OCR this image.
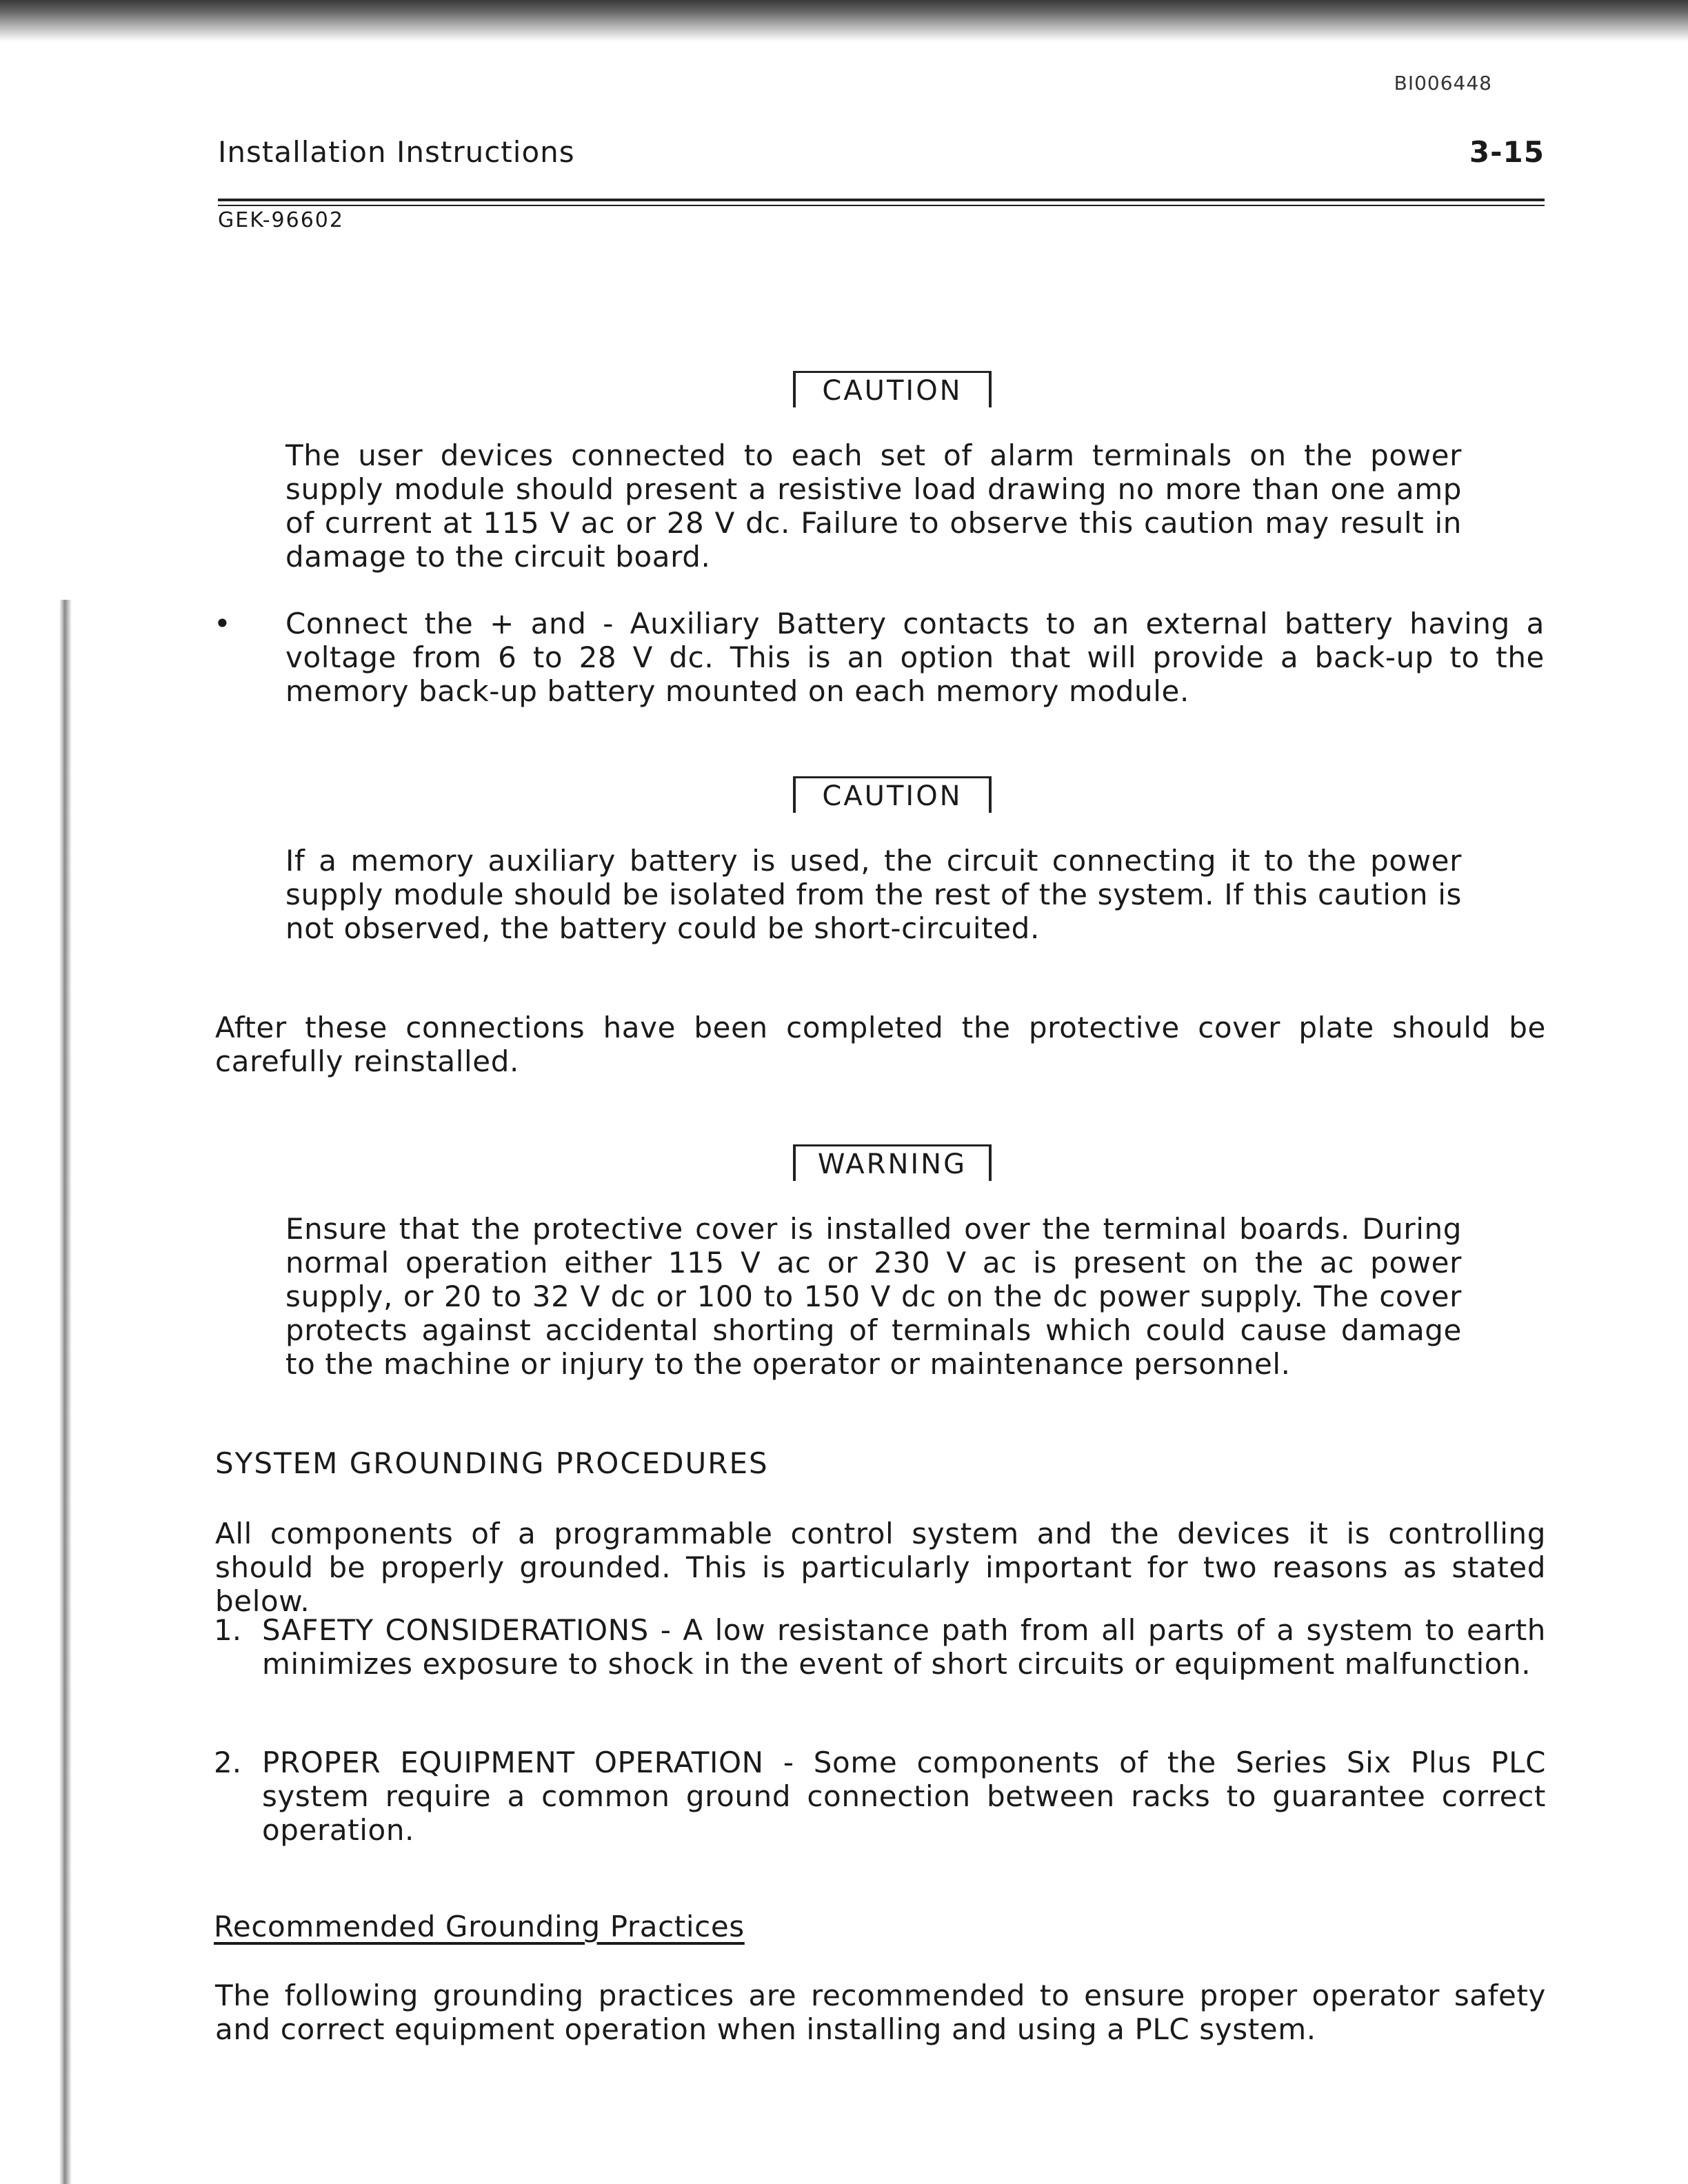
BI006448
Installation Instructions	3-15
GEK-96602
CAUTION
The user devices connected to each set of alarm terminals on the power supply module should present a resistive load drawing no more than one amp of current at 115 V ac or 28 V dc. Failure to observe this caution may result in damage to the circuit board.
• Connect the + and - Auxiliary Battery contacts to an external battery having a voltage from 6 to 28 V dc. This is an option that will provide a back-up to the memory back-up battery mounted on each memory module.
CAUTION
If a memory auxiliary battery is used, the circuit connecting it to the power supply module should be isolated from the rest of the system. If this caution is not observed, the battery could be short-circuited.
After these connections have been completed the protective cover plate should be carefully reinstalled.
WARNING
Ensure that the protective cover is installed over the terminal boards. During normal operation either 115 V ac or 230 V ac is present on the ac power supply, or 20 to 32 V dc or 100 to 150 V dc on the dc power supply. The cover protects against accidental shorting of terminals which could cause damage to the machine or injury to the operator or maintenance personnel.
SYSTEM GROUNDING PROCEDURES
All components of a programmable control system and the devices it is controlling should be properly grounded. This is particularly important for two reasons as stated below.
1. SAFETY CONSIDERATIONS - A low resistance path from all parts of a system to earth minimizes exposure to shock in the event of short circuits or equipment malfunction.
2. PROPER EQUIPMENT OPERATION - Some components of the Series Six Plus PLC system require a common ground connection between racks to guarantee correct operation.
Recommended Grounding Practices
The following grounding practices are recommended to ensure proper operator safety and correct equipment operation when installing and using a PLC system.
